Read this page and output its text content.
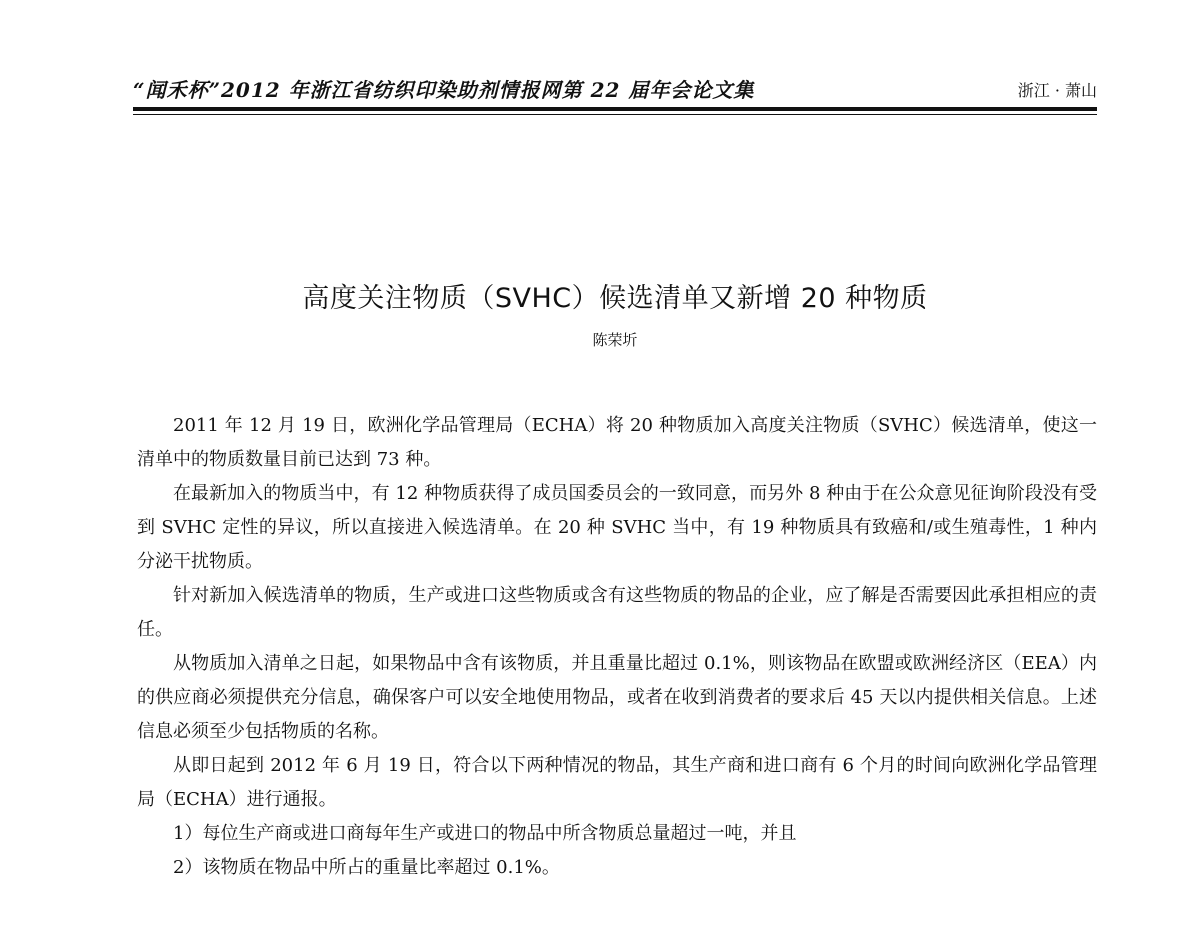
“闻禾杯”2012 年浙江省纺织印染助剂情报网第 22 届年会论文集	浙江 · 萧山
高度关注物质（SVHC）候选清单又新增 20 种物质
陈荣圻

2011 年 12 月 19 日，欧洲化学品管理局（ECHA）将 20 种物质加入高度关注物质（SVHC）候选清单，使这一清单中的物质数量目前已达到 73 种。

在最新加入的物质当中，有 12 种物质获得了成员国委员会的一致同意，而另外 8 种由于在公众意见征询阶段没有受到 SVHC 定性的异议，所以直接进入候选清单。在 20 种 SVHC 当中，有 19 种物质具有致癌和/或生殖毒性，1 种内分泌干扰物质。

针对新加入候选清单的物质，生产或进口这些物质或含有这些物质的物品的企业，应了解是否需要因此承担相应的责任。

从物质加入清单之日起，如果物品中含有该物质，并且重量比超过 0.1%，则该物品在欧盟或欧洲经济区（EEA）内的供应商必须提供充分信息，确保客户可以安全地使用物品，或者在收到消费者的要求后 45 天以内提供相关信息。上述信息必须至少包括物质的名称。

从即日起到 2012 年 6 月 19 日，符合以下两种情况的物品，其生产商和进口商有 6 个月的时间向欧洲化学品管理局（ECHA）进行通报。

1）每位生产商或进口商每年生产或进口的物品中所含物质总量超过一吨，并且

2）该物质在物品中所占的重量比率超过 0.1%。
